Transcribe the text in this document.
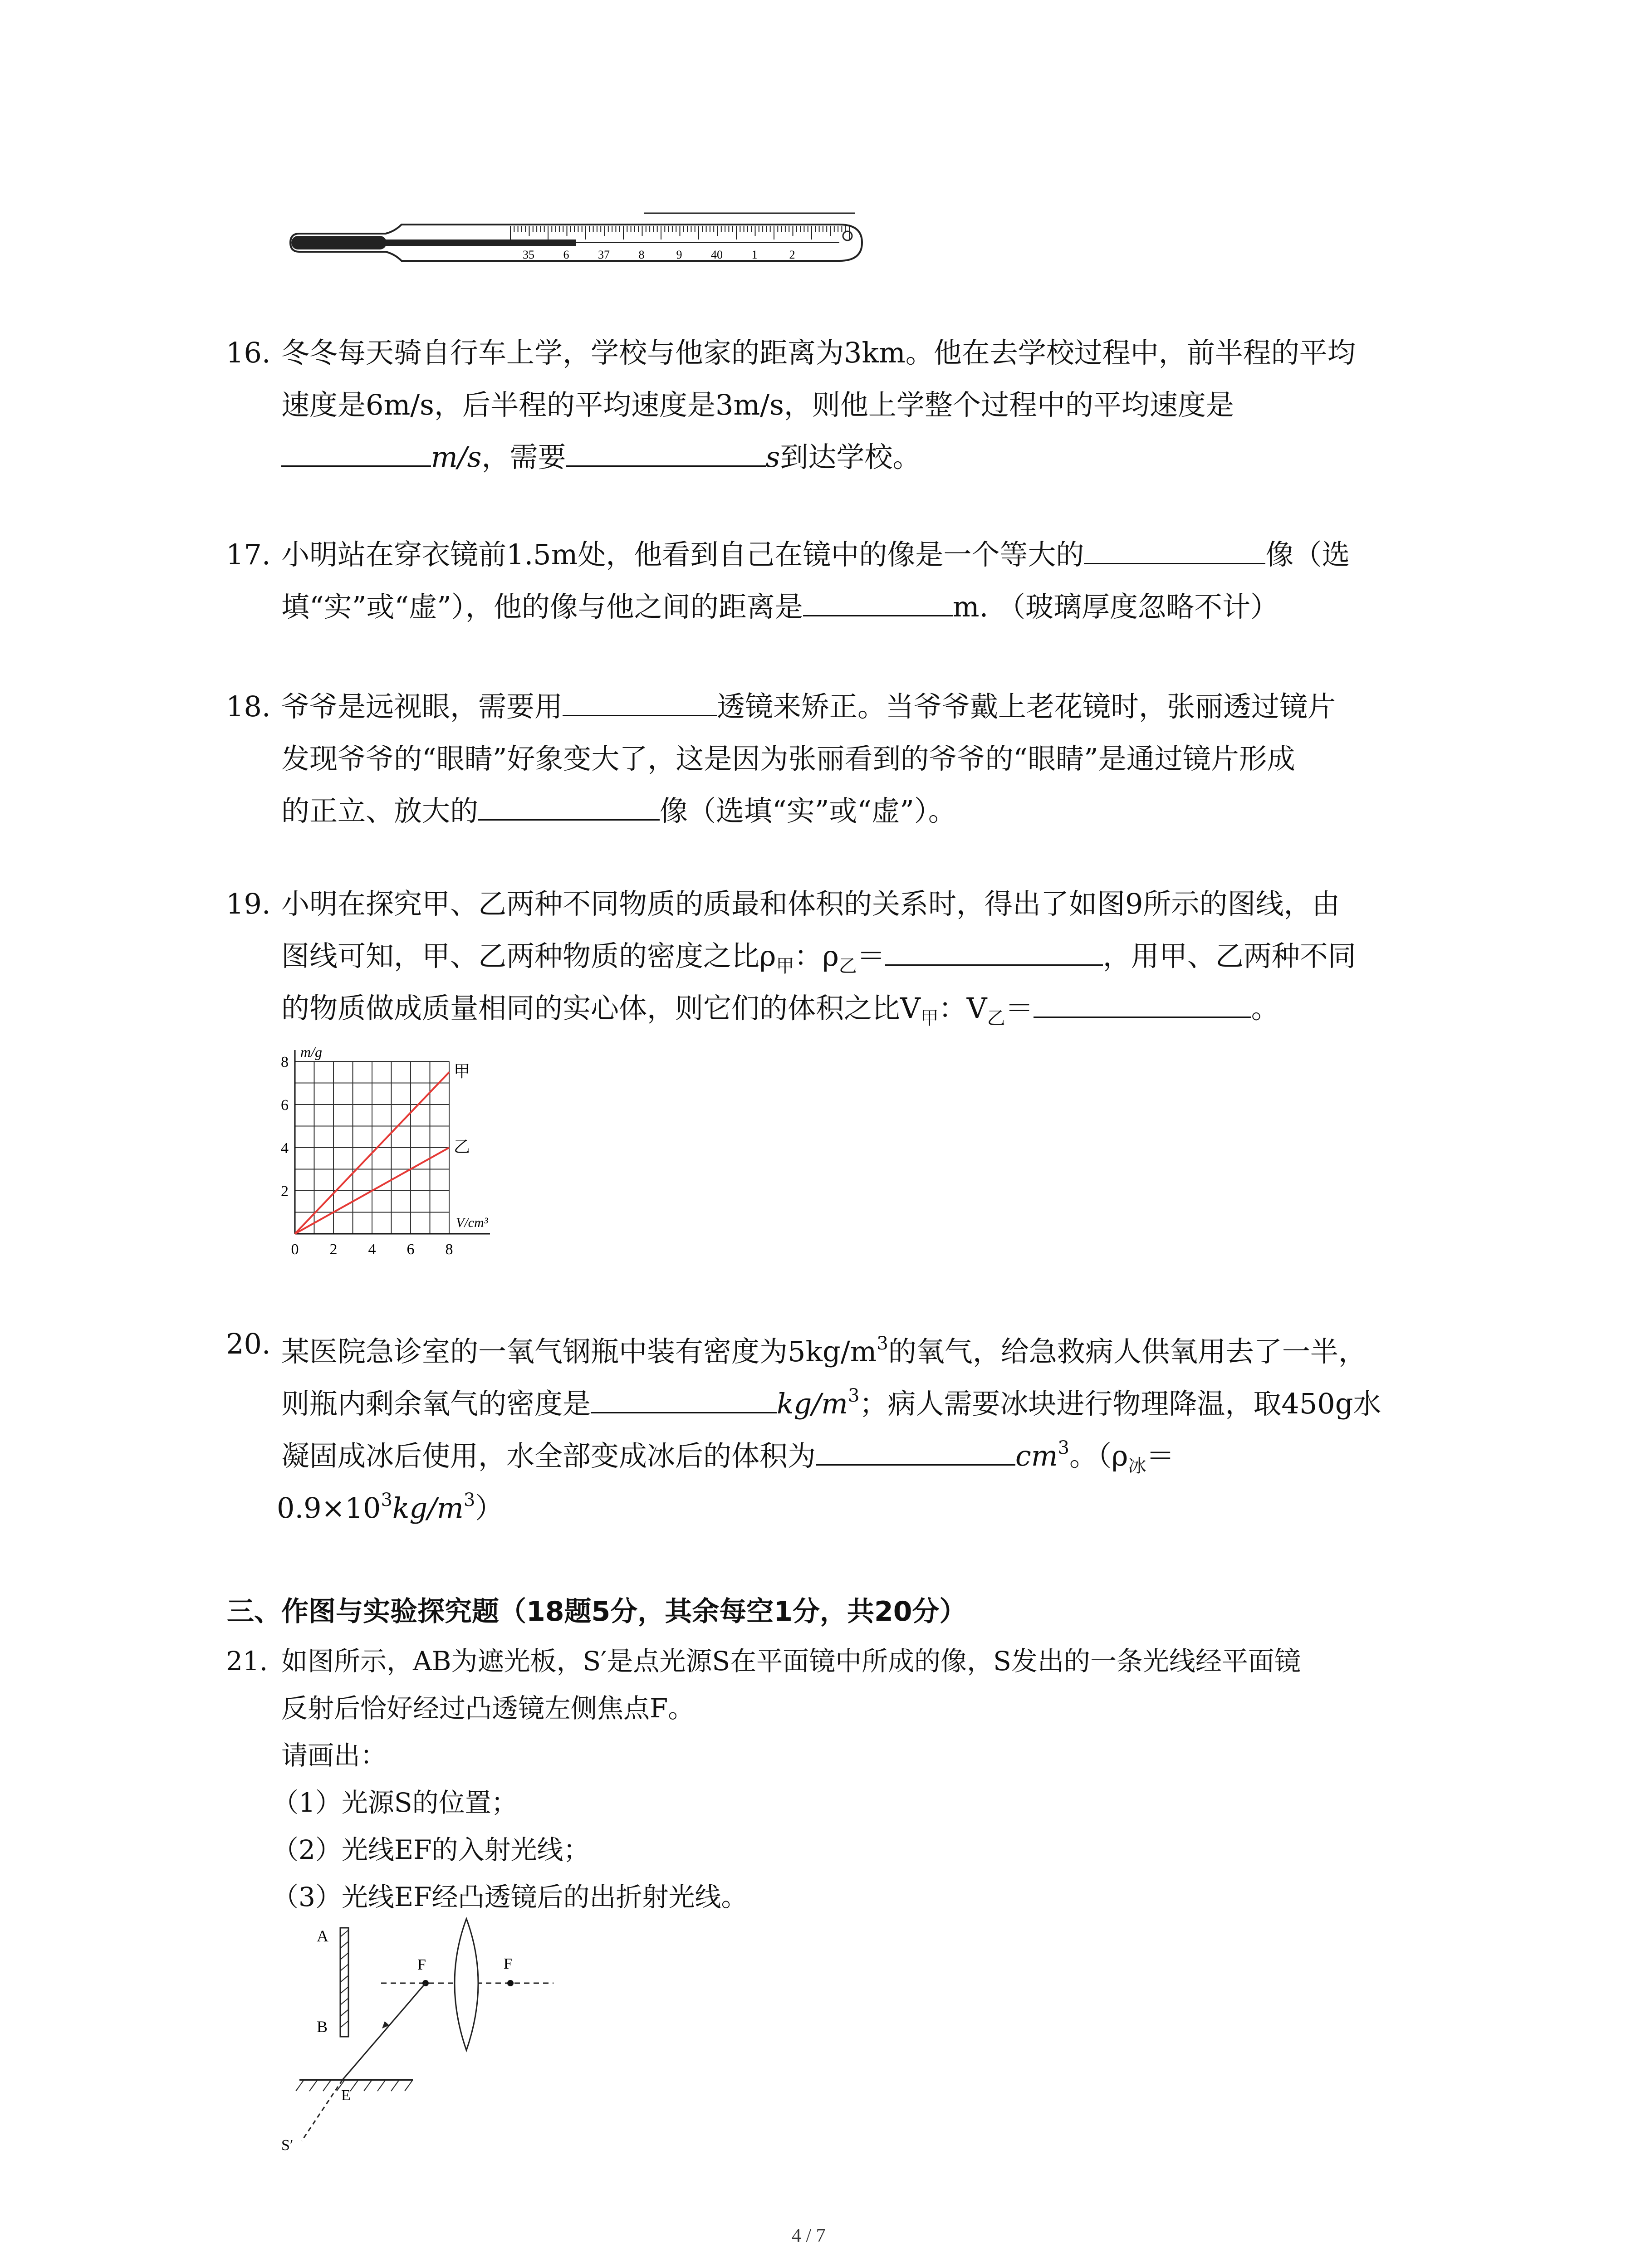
35 6 37 8	9 40 1	2
16. 冬冬每天骑自行车上学，学校与他家的距离为3km。他在去学校过程中，前半程的平均
速度是6m/s，后半程的平均速度是3m/s，则他上学整个过程中的平均速度是
m/s，需要	s到达学校。
17. 小明站在穿衣镜前1.5m处，他看到自己在镜中的像是一个等大的	像（选
填“实”或“虚”），他的像与他之间的距离是	m. （玻璃厚度忽略不计）
18. 爷爷是远视眼，需要用	透镜来矫正。当爷爷戴上老花镜时，张丽透过镜片
发现爷爷的“眼睛”好象变大了，这是因为张丽看到的爷爷的“眼睛”是通过镜片形成
的正立、放大的	像（选填“实”或“虚”）。
19. 小明在探究甲、乙两种不同物质的质最和体积的关系时，得出了如图9所示的图线，由
图线可知，甲、乙两种物质的密度之比$\rho_甲$：$\rho_乙=$	，用甲、乙两种不同
的物质做成质量相同的实心体，则它们的体积之比$V_甲$：$V_乙=$	。
0 2 4 6 8
2
4
6
8
m/g
V/cm³
甲
乙
20. 某医院急诊室的一氧气钢瓶中装有密度为$5kg/m^3$的氧气，给急救病人供氧用去了一半，
则瓶内剩余氧气的密度是	$kg/m^3$；病人需要冰块进行物理降温，取450g水
凝固成冰后使用，水全部变成冰后的体积为	$cm^3$。（$\rho_冰=$
$0.9\times 10^3kg/m^3$）
三、作图与实验探究题（18题5分，其余每空1分，共20分）
21. 如图所示，AB为遮光板，S′是点光源S在平面镜中所成的像，S发出的一条光线经平面镜
反射后恰好经过凸透镜左侧焦点F。
请画出：
（1）光源S的位置；
（2）光线EF的入射光线；
（3）光线EF经凸透镜后的出折射光线。
A
B
F	F
E
S′
4 / 7
